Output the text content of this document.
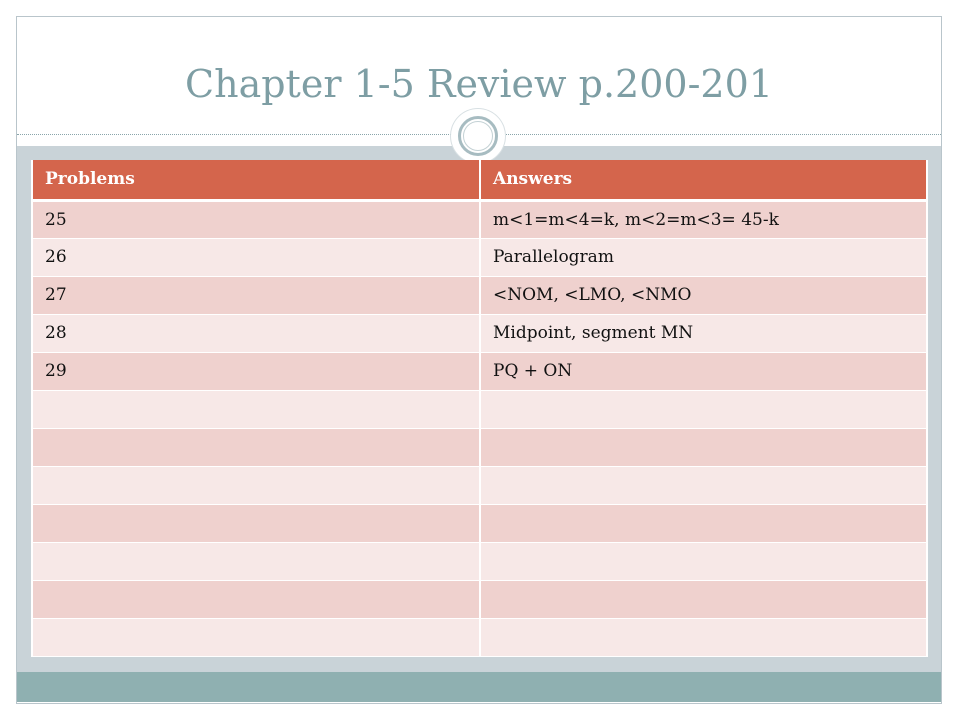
Chapter 1-5 Review p.200-201
Problems	Answers
25	m<1=m<4=k, m<2=m<3= 45-k
26	Parallelogram
27	<NOM, <LMO, <NMO
28	Midpoint, segment MN
29	PQ + ON
